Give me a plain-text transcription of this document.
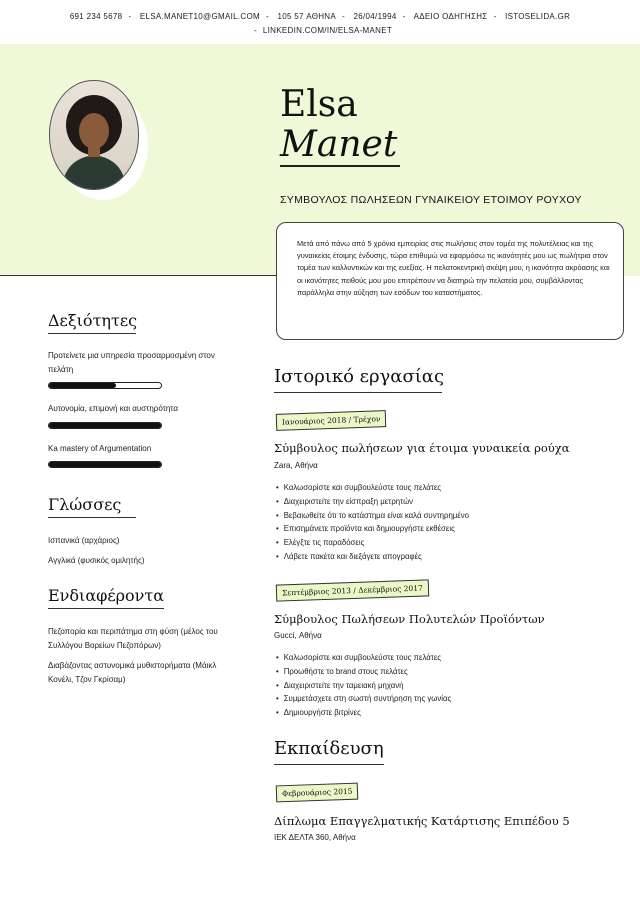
691 234 5678 - ELSA.MANET10@GMAIL.COM - 105 57 ΑΘΗΝΑ - 26/04/1994 - ΑΔΕΙΟ ΟΔΗΓΗΣΗΣ - ISTOSELIDA.GR
- LINKEDIN.COM/IN/ELSA-MANET
Elsa
Manet
ΣΥΜΒΟΥΛΟΣ ΠΩΛΗΣΕΩΝ ΓΥΝΑΙΚΕΙΟΥ ΕΤΟΙΜΟΥ ΡΟΥΧΟΥ
Μετά από πάνω από 5 χρόνια εμπειρίας στις πωλήσεις στον τομέα της πολυτέλειας και της γυναικείας έτοιμης ένδυσης, τώρα επιθυμώ να εφαρμόσω τις ικανότητές μου ως πωλήτρια στον τομέα των καλλυντικών και της ευεξίας. Η πελατοκεντρική σκέψη μου, η ικανότητα ακρόασης και οι ικανότητες πειθούς μου μου επιτρέπουν να διατηρώ την πελατεία μου, συμβάλλοντας παράλληλα στην αύξηση των εσόδων του καταστήματος.
Δεξιότητες
Προτείνετε μια υπηρεσία προσαρμοσμένη στον πελάτη
Αυτονομία, επιμονή και αυστηρότητα
Ka mastery of Argumentation
Γλώσσες
Ισπανικά (αρχάριος)
Αγγλικά (φυσικός ομιλητής)
Ενδιαφέροντα
Πεζοπορία και περιπάτημα στη φύση (μέλος του Συλλόγου Βορείων Πεζοπόρων)
Διαβάζοντας αστυνομικά μυθιστορήματα (Μάικλ Κονέλι, Τζον Γκρίσαμ)
Ιστορικό εργασίας
Ιανουάριος 2018 / Τρέχον
Σύμβουλος πωλήσεων για έτοιμα γυναικεία ρούχα
Zara, Αθήνα
• Καλωσορίστε και συμβουλεύστε τους πελάτες
• Διαχειριστείτε την είσπραξη μετρητών
• Βεβαιωθείτε ότι το κατάστημα είναι καλά συντηρημένο
• Επισημάνετε προϊόντα και δημιουργήστε εκθέσεις
• Ελέγξτε τις παραδόσεις
• Λάβετε πακέτα και διεξάγετε απογραφές
Σεπτέμβριος 2013 / Δεκέμβριος 2017
Σύμβουλος Πωλήσεων Πολυτελών Προϊόντων
Gucci, Αθήνα
• Καλωσορίστε και συμβουλεύστε τους πελάτες
• Προωθήστε το brand στους πελάτες
• Διαχειριστείτε την ταμειακή μηχανή
• Συμμετάσχετε στη σωστή συντήρηση της γωνίας
• Δημιουργήστε βιτρίνες
Εκπαίδευση
Φεβρουάριος 2015
Δίπλωμα Επαγγελματικής Κατάρτισης Επιπέδου 5
ΙΕΚ ΔΕΛΤΑ 360, Αθήνα
